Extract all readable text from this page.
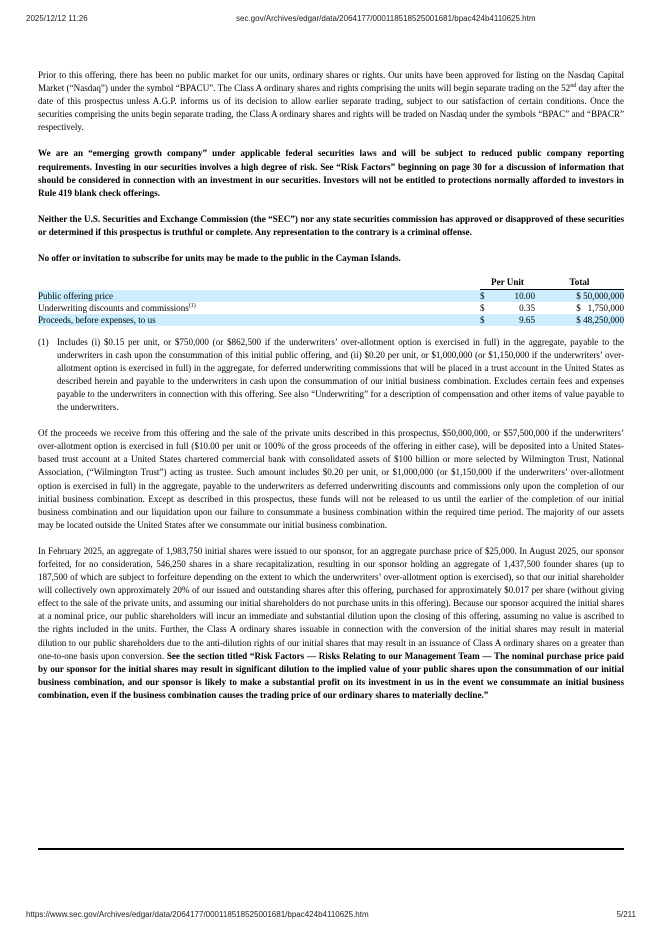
2025/12/12 11:26	sec.gov/Archives/edgar/data/2064177/000118518525001681/bpac424b4110625.htm

Prior to this offering, there has been no public market for our units, ordinary shares or rights. Our units have been approved for listing on the Nasdaq Capital Market (“Nasdaq”) under the symbol “BPACU”. The Class A ordinary shares and rights comprising the units will begin separate trading on the 52nd day after the date of this prospectus unless A.G.P. informs us of its decision to allow earlier separate trading, subject to our satisfaction of certain conditions. Once the securities comprising the units begin separate trading, the Class A ordinary shares and rights will be traded on Nasdaq under the symbols “BPAC” and “BPACR” respectively.

We are an “emerging growth company” under applicable federal securities laws and will be subject to reduced public company reporting requirements. Investing in our securities involves a high degree of risk. See “Risk Factors” beginning on page 30 for a discussion of information that should be considered in connection with an investment in our securities. Investors will not be entitled to protections normally afforded to investors in Rule 419 blank check offerings.

Neither the U.S. Securities and Exchange Commission (the “SEC”) nor any state securities commission has approved or disapproved of these securities or determined if this prospectus is truthful or complete. Any representation to the contrary is a criminal offense.

No offer or invitation to subscribe for units may be made to the public in the Cayman Islands.

	Per Unit		Total
Public offering price	$	10.00	$ 50,000,000
Underwriting discounts and commissions$^{(1)}$	$	0.35	$   1,750,000
Proceeds, before expenses, to us	$	9.65	$ 48,250,000
(1) Includes (i) $0.15 per unit, or $750,000 (or $862,500 if the underwriters’ over-allotment option is exercised in full) in the aggregate, payable to the underwriters in cash upon the consummation of this initial public offering, and (ii) $0.20 per unit, or $1,000,000 (or $1,150,000 if the underwriters’ over-allotment option is exercised in full) in the aggregate, for deferred underwriting commissions that will be placed in a trust account in the United States as described herein and payable to the underwriters in cash upon the consummation of our initial business combination. Excludes certain fees and expenses payable to the underwriters in connection with this offering. See also “Underwriting” for a description of compensation and other items of value payable to the underwriters.

Of the proceeds we receive from this offering and the sale of the private units described in this prospectus, $50,000,000, or $57,500,000 if the underwriters’ over-allotment option is exercised in full ($10.00 per unit or 100% of the gross proceeds of the offering in either case), will be deposited into a United States-based trust account at a United States chartered commercial bank with consolidated assets of $100 billion or more selected by Wilmington Trust, National Association, (“Wilmington Trust”) acting as trustee. Such amount includes $0.20 per unit, or $1,000,000 (or $1,150,000 if the underwriters’ over-allotment option is exercised in full) in the aggregate, payable to the underwriters as deferred underwriting discounts and commissions only upon the completion of our initial business combination. Except as described in this prospectus, these funds will not be released to us until the earlier of the completion of our initial business combination and our liquidation upon our failure to consummate a business combination within the required time period. The majority of our assets may be located outside the United States after we consummate our initial business combination.

In February 2025, an aggregate of 1,983,750 initial shares were issued to our sponsor, for an aggregate purchase price of $25,000. In August 2025, our sponsor forfeited, for no consideration, 546,250 shares in a share recapitalization, resulting in our sponsor holding an aggregate of 1,437,500 founder shares (up to 187,500 of which are subject to forfeiture depending on the extent to which the underwriters’ over-allotment option is exercised), so that our initial shareholder will collectively own approximately 20% of our issued and outstanding shares after this offering, purchased for approximately $0.017 per share (without giving effect to the sale of the private units, and assuming our initial shareholders do not purchase units in this offering). Because our sponsor acquired the initial shares at a nominal price, our public shareholders will incur an immediate and substantial dilution upon the closing of this offering, assuming no value is ascribed to the rights included in the units. Further, the Class A ordinary shares issuable in connection with the conversion of the initial shares may result in material dilution to our public shareholders due to the anti-dilution rights of our initial shares that may result in an issuance of Class A ordinary shares on a greater than one-to-one basis upon conversion. See the section titled “Risk Factors — Risks Relating to our Management Team — The nominal purchase price paid by our sponsor for the initial shares may result in significant dilution to the implied value of your public shares upon the consummation of our initial business combination, and our sponsor is likely to make a substantial profit on its investment in us in the event we consummate an initial business combination, even if the business combination causes the trading price of our ordinary shares to materially decline.”

https://www.sec.gov/Archives/edgar/data/2064177/000118518525001681/bpac424b4110625.htm	5/211
